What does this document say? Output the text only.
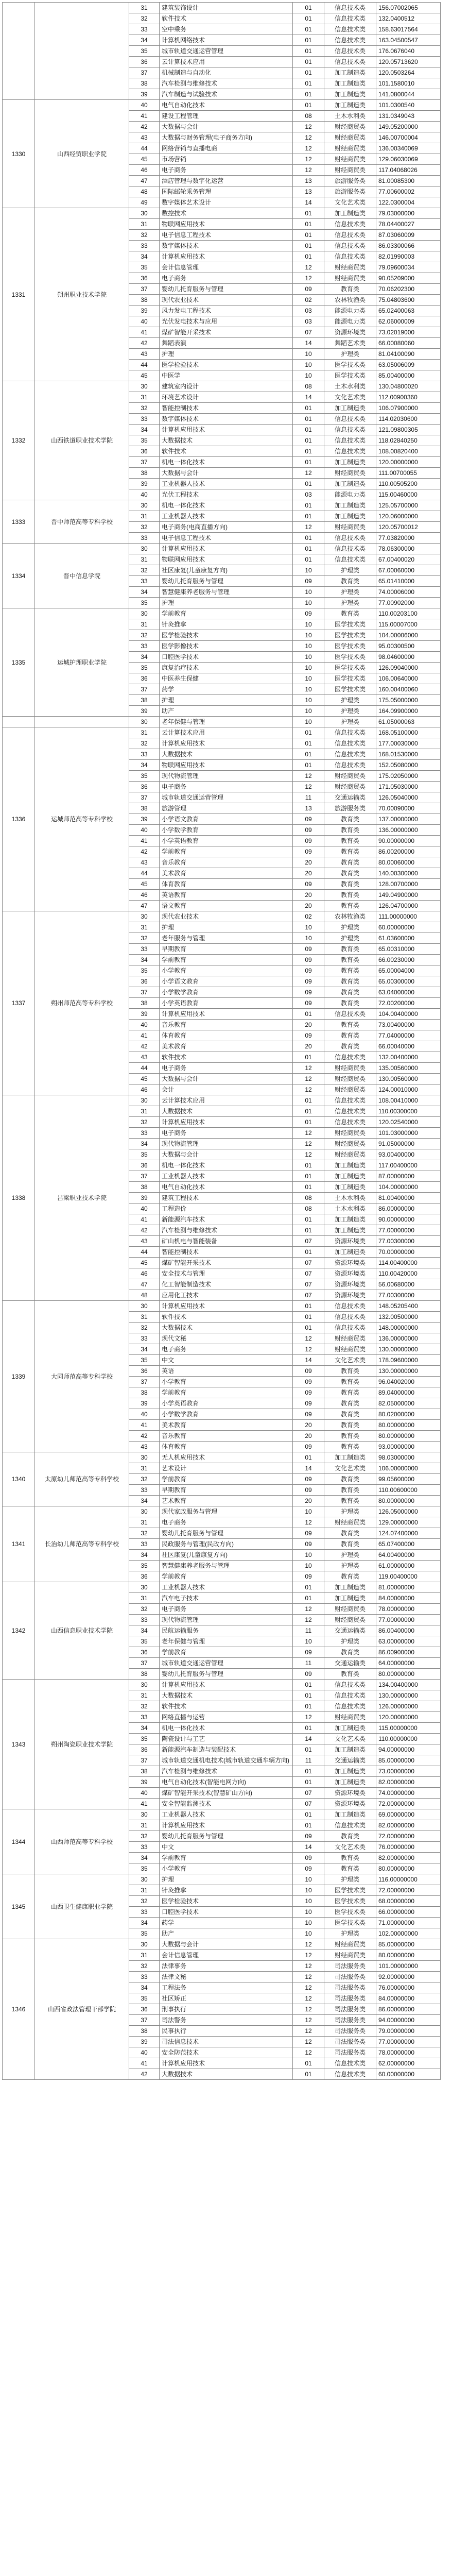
		31	建筑装饰设计	01	信息技术类	156.07002065
		32	软件技术	01	信息技术类	132.0400512
		33	空中乘务	01	信息技术类	158.63017564
		34	计算机网络技术	01	信息技术类	163.04500547
		35	城市轨道交通运营管理	01	信息技术类	176.0676040
		36	云计算技术应用	01	信息技术类	120.05713620
		37	机械制造与自动化	01	加工制造类	120.0503264
		38	汽车检测与维修技术	01	加工制造类	101.1580010
		39	汽车制造与试验技术	01	加工制造类	141.0800044
1330	山西经贸职业学院	40	电气自动化技术	01	加工制造类	101.0300540
		41	建设工程管理	08	土木水利类	131.0349043
		42	大数据与会计	12	财经商贸类	149.05200000
		43	大数据与财务管理(电子商务方向)	12	财经商贸类	146.00700004
		44	网络营销与直播电商	12	财经商贸类	136.00340069
		45	市场营销	12	财经商贸类	129.06030069
		46	电子商务	12	财经商贸类	117.04068026
		47	酒店管理与数字化运营	13	旅游服务类	81.00085300
		48	国际邮轮乘务管理	13	旅游服务类	77.00600002
		49	数字媒体艺术设计	14	文化艺术类	122.0300004
1331	朔州职业技术学院	30	数控技术	01	加工制造类	79.03000000
		31	物联网应用技术	01	信息技术类	78.04400027
		32	电子信息工程技术	01	信息技术类	87.03060009
		33	数字媒体技术	01	信息技术类	86.03300066
		34	计算机应用技术	01	信息技术类	82.01990003
		35	会计信息管理	12	财经商贸类	79.09600034
		36	电子商务	12	财经商贸类	90.05209000
		37	婴幼儿托育服务与管理	09	教育类	70.06202300
		38	现代农业技术	02	农林牧渔类	75.04803600
		39	风力发电工程技术	03	能源电力类	65.02400063
		40	光伏发电技术与应用	03	能源电力类	62.06000009
		41	煤矿智能开采技术	07	资源环境类	73.02019000
		42	舞蹈表演	14	舞蹈艺术类	66.00080060
		43	护理	10	护理类	81.04100090
		44	医学检验技术	10	医学技术类	63.05006009
		45	中医学	10	医学技术类	85.00400000
1332	山西铁道职业技术学院	30	建筑室内设计	08	土木水利类	130.04800020
		31	环境艺术设计	14	文化艺术类	112.00900360
		32	智能控制技术	01	加工制造类	106.07900000
		33	数字媒体技术	01	信息技术类	114.02030600
		34	计算机应用技术	01	信息技术类	121.09800305
		35	大数据技术	01	信息技术类	118.02840250
		36	软件技术	01	信息技术类	108.00820400
		37	机电一体化技术	01	加工制造类	120.00000000
		38	大数据与会计	12	财经商贸类	111.00700055
		39	工业机器人技术	01	加工制造类	110.00505200
		40	光伏工程技术	03	能源电力类	115.00460000
1333	晋中师范高等专科学校	30	机电一体化技术	01	加工制造类	125.05700000
		31	工业机器人技术	01	加工制造类	120.06000000
		32	电子商务(电商直播方向)	12	财经商贸类	120.05700012
		33	电子信息工程技术	01	信息技术类	77.03820000
1334	晋中信息学院	30	计算机应用技术	01	信息技术类	78.06300000
		31	物联网应用技术	01	信息技术类	67.00400020
		32	社区康复(儿童康复方向)	10	护理类	67.00060000
		33	婴幼儿托育服务与管理	09	教育类	65.01410000
		34	智慧健康养老服务与管理	10	护理类	74.00006000
		35	护理	10	护理类	77.00902000
1335	运城护理职业学院	30	学前教育	09	教育类	110.00203100
		31	针灸推拿	10	医学技术类	115.00007000
		32	医学检验技术	10	医学技术类	104.00006000
		33	医学影像技术	10	医学技术类	95.00300500
		34	口腔医学技术	10	医学技术类	98.04600000
		35	康复治疗技术	10	医学技术类	126.09040000
		36	中医养生保健	10	医学技术类	106.00640000
		37	药学	10	医学技术类	160.00400060
		38	护理	10	护理类	175.05000000
		39	助产	10	护理类	164.09900000
		30	老年保健与管理	10	护理类	61.05000063
1336	运城师范高等专科学校	31	云计算技术应用	01	信息技术类	168.05100000
		32	计算机应用技术	01	信息技术类	177.00030000
		33	大数据技术	01	信息技术类	168.01530000
		34	物联网应用技术	01	信息技术类	152.05080000
		35	现代物流管理	12	财经商贸类	175.02050000
		36	电子商务	12	财经商贸类	171.05030000
		37	城市轨道交通运营管理	11	交通运输类	126.05040000
		38	旅游管理	13	旅游服务类	70.00090000
		39	小学语文教育	09	教育类	137.00000000
		40	小学数学教育	09	教育类	136.00000000
		41	小学英语教育	09	教育类	90.00000000
		42	学前教育	09	教育类	86.00200000
		43	音乐教育	20	教育类	80.00060000
		44	美术教育	20	教育类	140.00300000
		45	体育教育	09	教育类	128.00700000
		46	英语教育	20	教育类	149.04900000
		47	语文教育	20	教育类	126.04700000
1337	朔州师范高等专科学校	30	现代农业技术	02	农林牧渔类	111.00000000
		31	护理	10	护理类	60.00000000
		32	老年服务与管理	10	护理类	61.03600000
		33	早期教育	09	教育类	65.00310000
		34	学前教育	09	教育类	66.00230000
		35	小学教育	09	教育类	65.00004000
		36	小学语文教育	09	教育类	65.00300000
		37	小学数学教育	09	教育类	63.04000000
		38	小学英语教育	09	教育类	72.00200000
		39	计算机应用技术	01	信息技术类	104.00400000
		40	音乐教育	20	教育类	73.00400000
		41	体育教育	09	教育类	77.04000000
		42	美术教育	20	教育类	66.00040000
		43	软件技术	01	信息技术类	132.00400000
		44	电子商务	12	财经商贸类	135.00560000
		45	大数据与会计	12	财经商贸类	130.00560000
		46	会计	12	财经商贸类	124.00010000
1338	吕梁职业技术学院	30	云计算技术应用	01	信息技术类	108.00410000
		31	大数据技术	01	信息技术类	110.00300000
		32	计算机应用技术	01	信息技术类	120.02540000
		33	电子商务	12	财经商贸类	101.03000000
		34	现代物流管理	12	财经商贸类	91.05000000
		35	大数据与会计	12	财经商贸类	93.00400000
		36	机电一体化技术	01	加工制造类	117.00400000
		37	工业机器人技术	01	加工制造类	87.00000000
		38	电气自动化技术	01	加工制造类	104.00000000
		39	建筑工程技术	08	土木水利类	81.00400000
		40	工程造价	08	土木水利类	86.00000000
		41	新能源汽车技术	01	加工制造类	90.00000000
		42	汽车检测与维修技术	01	加工制造类	77.00000000
		43	矿山机电与智能装备	07	资源环境类	77.00300000
		44	智能控制技术	01	加工制造类	70.00000000
		45	煤矿智能开采技术	07	资源环境类	114.00400000
		46	安全技术与管理	07	资源环境类	110.00420000
		47	化工智能制造技术	07	资源环境类	56.00680000
		48	应用化工技术	07	资源环境类	77.00300000
1339	大同师范高等专科学校	30	计算机应用技术	01	信息技术类	148.05205400
		31	软件技术	01	信息技术类	132.00500000
		32	大数据技术	01	信息技术类	148.00000000
		33	现代文秘	12	财经商贸类	136.00000000
		34	电子商务	12	财经商贸类	130.00000000
		35	中文	14	文化艺术类	178.09600000
		36	英语	09	教育类	130.00000000
		37	小学教育	09	教育类	96.04002000
		38	学前教育	09	教育类	89.04000000
		39	小学英语教育	09	教育类	82.05000000
		40	小学数学教育	09	教育类	80.02000000
		41	美术教育	20	教育类	80.00000000
		42	音乐教育	20	教育类	80.00000000
		43	体育教育	09	教育类	93.00000000
1340	太原幼儿师范高等专科学校	30	无人机应用技术	01	加工制造类	98.03000000
		31	艺术设计	14	文化艺术类	106.00000000
		32	学前教育	09	教育类	99.05600000
		33	早期教育	09	教育类	110.00600000
		34	艺术教育	20	教育类	80.00000000
1341	长治幼儿师范高等专科学校	30	现代家政服务与管理	10	护理类	126.05000000
		31	电子商务	12	财经商贸类	129.00000000
		32	婴幼儿托育服务与管理	09	教育类	124.07400000
		33	民政服务与管理(民政方向)	09	教育类	65.07400000
		34	社区康复(儿童康复方向)	10	护理类	64.00400000
		35	智慧健康养老服务与管理	10	护理类	61.00000000
		36	学前教育	09	教育类	119.00400000
1342	山西信息职业技术学院	30	工业机器人技术	01	加工制造类	81.00000000
		31	汽车电子技术	01	加工制造类	84.00000000
		32	电子商务	12	财经商贸类	78.00000000
		33	现代物流管理	12	财经商贸类	77.00000000
		34	民航运输服务	11	交通运输类	86.00400000
		35	老年保健与管理	10	护理类	63.00000000
		36	学前教育	09	教育类	86.00900000
		37	城市轨道交通运营管理	11	交通运输类	64.00000000
		38	婴幼儿托育服务与管理	09	教育类	80.00000000
1343	朔州陶瓷职业技术学院	30	计算机应用技术	01	信息技术类	134.00400000
		31	大数据技术	01	信息技术类	130.00000000
		32	软件技术	01	信息技术类	126.00000000
		33	网络直播与运营	12	财经商贸类	120.00000000
		34	机电一体化技术	01	加工制造类	115.00000000
		35	陶瓷设计与工艺	14	文化艺术类	110.00000000
		36	新能源汽车制造与装配技术	01	加工制造类	94.00000000
		37	城市轨道交通机电技术(城市轨道交通车辆方向)	11	交通运输类	85.00000000
		38	汽车检测与维修技术	01	加工制造类	73.00000000
		39	电气自动化技术(智能电网方向)	01	加工制造类	82.00000000
		40	煤矿智能开采技术(智慧矿山方向)	07	资源环境类	74.00000000
		41	安全智能监测技术	07	资源环境类	72.00000000
1344	山西师范高等专科学校	30	工业机器人技术	01	加工制造类	69.00000000
		31	计算机应用技术	01	信息技术类	82.00000000
		32	婴幼儿托育服务与管理	09	教育类	72.00000000
		33	中文	14	文化艺术类	76.00000000
		34	学前教育	09	教育类	82.00000000
		35	小学教育	09	教育类	80.00000000
1345	山西卫生健康职业学院	30	护理	10	护理类	116.00000000
		31	针灸推拿	10	医学技术类	72.00000000
		32	医学检验技术	10	医学技术类	68.00000000
		33	口腔医学技术	10	医学技术类	66.00000000
		34	药学	10	医学技术类	71.00000000
		35	助产	10	护理类	102.00000000
1346	山西省政法管理干部学院	30	大数据与会计	12	财经商贸类	85.00000000
		31	会计信息管理	12	财经商贸类	80.00000000
		32	法律事务	12	司法服务类	101.00000000
		33	法律文秘	12	司法服务类	92.00000000
		34	工程法务	12	司法服务类	76.00000000
		35	社区矫正	12	司法服务类	84.00000000
		36	刑事执行	12	司法服务类	86.00000000
		37	司法警务	12	司法服务类	94.00000000
		38	民事执行	12	司法服务类	79.00000000
		39	司法信息技术	12	司法服务类	77.00000000
		40	安全防范技术	12	司法服务类	78.00000000
		41	计算机应用技术	01	信息技术类	62.00000000
		42	大数据技术	01	信息技术类	60.00000000
